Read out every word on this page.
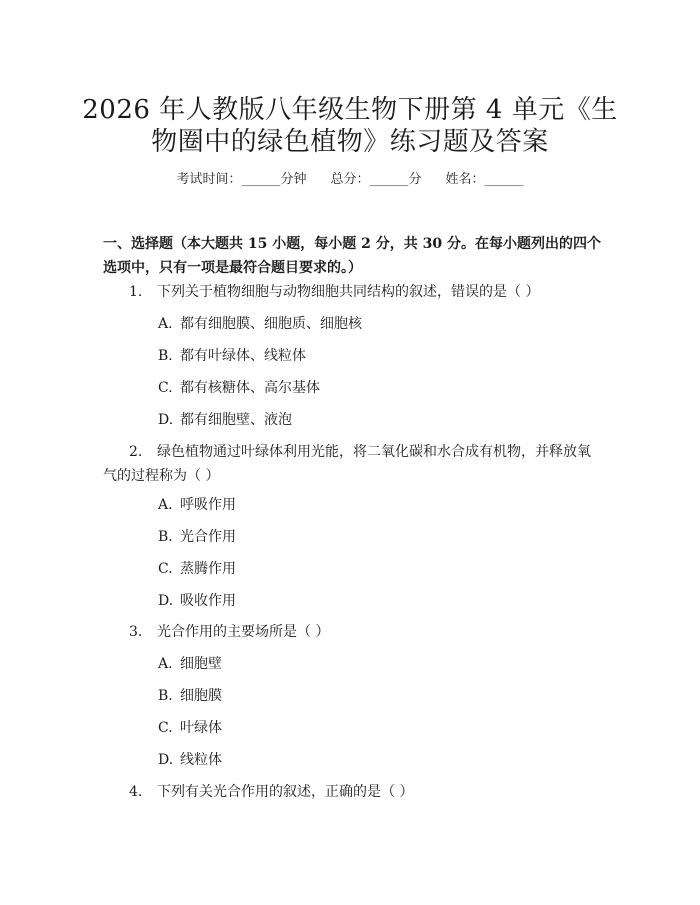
2026 年人教版八年级生物下册第 4 单元《生
物圈中的绿色植物》练习题及答案
考试时间：______分钟 总分：______分 姓名：______
一、选择题（本大题共 15 小题，每小题 2 分，共 30 分。在每小题列出的四个选项中，只有一项是最符合题目要求的。）
1. 下列关于植物细胞与动物细胞共同结构的叙述，错误的是（ ）
A. 都有细胞膜、细胞质、细胞核
B. 都有叶绿体、线粒体
C. 都有核糖体、高尔基体
D. 都有细胞壁、液泡
2. 绿色植物通过叶绿体利用光能，将二氧化碳和水合成有机物，并释放氧气的过程称为（ ）
A. 呼吸作用
B. 光合作用
C. 蒸腾作用
D. 吸收作用
3. 光合作用的主要场所是（ ）
A. 细胞壁
B. 细胞膜
C. 叶绿体
D. 线粒体
4. 下列有关光合作用的叙述，正确的是（ ）
